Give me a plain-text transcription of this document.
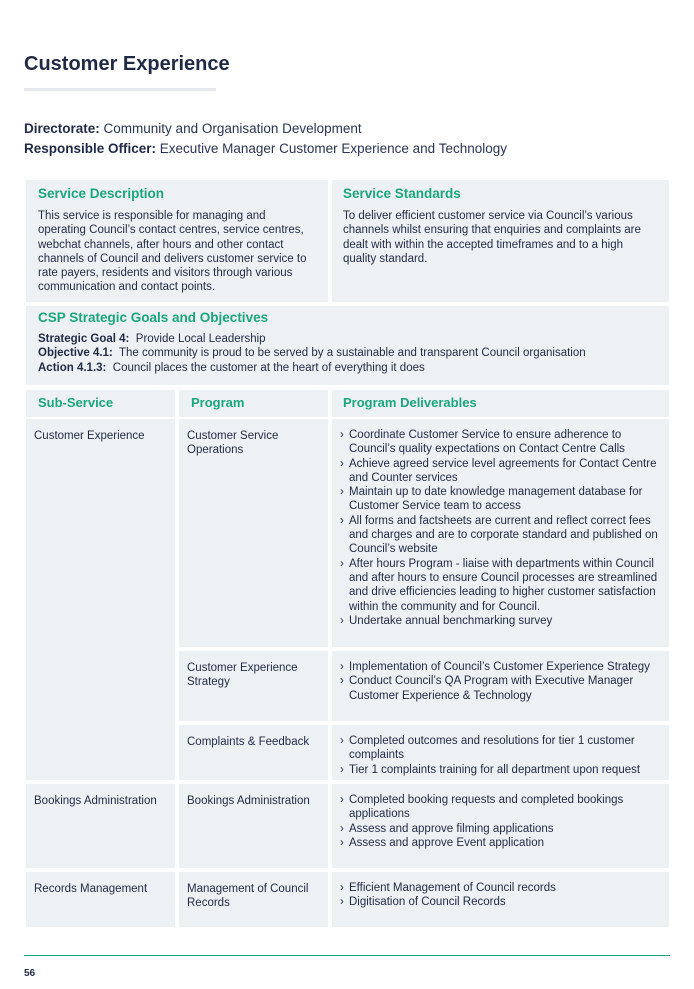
Customer Experience
Directorate: Community and Organisation Development
Responsible Officer: Executive Manager Customer Experience and Technology
Service Description

This service is responsible for managing and operating Council’s contact centres, service centres, webchat channels, after hours and other contact channels of Council and delivers customer service to rate payers, residents and visitors through various communication and contact points.

Service Standards

To deliver efficient customer service via Council’s various channels whilst ensuring that enquiries and complaints are dealt with within the accepted timeframes and to a high quality standard.

CSP Strategic Goals and Objectives

Strategic Goal 4: Provide Local Leadership

Objective 4.1: The community is proud to be served by a sustainable and transparent Council organisation

Action 4.1.3: Council places the customer at the heart of everything it does

Sub-Service	Program	Program Deliverables
Customer Experience
Bookings Administration
Records Management
Customer Service Operations
Customer Experience Strategy
Complaints & Feedback
Bookings Administration
Management of Council Records
› Coordinate Customer Service to ensure adherence to Council’s quality expectations on Contact Centre Calls
› Achieve agreed service level agreements for Contact Centre and Counter services
› Maintain up to date knowledge management database for Customer Service team to access
› All forms and factsheets are current and reflect correct fees and charges and are to corporate standard and published on Council’s website
› After hours Program - liaise with departments within Council and after hours to ensure Council processes are streamlined and drive efficiencies leading to higher customer satisfaction within the community and for Council.
› Undertake annual benchmarking survey
› Implementation of Council’s Customer Experience Strategy
› Conduct Council’s QA Program with Executive Manager Customer Experience & Technology
› Completed outcomes and resolutions for tier 1 customer complaints
› Tier 1 complaints training for all department upon request
› Completed booking requests and completed bookings applications
› Assess and approve filming applications
› Assess and approve Event application
› Efficient Management of Council records
› Digitisation of Council Records
56
